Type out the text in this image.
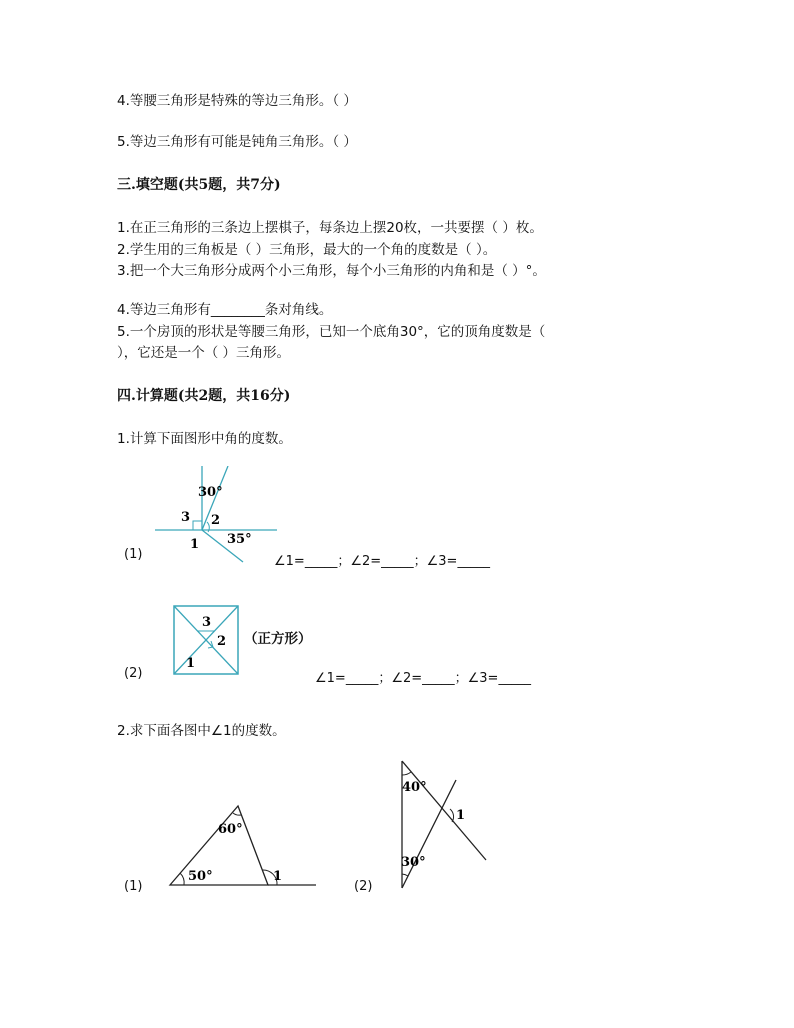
4.等腰三角形是特殊的等边三角形。（ ）
5.等边三角形有可能是钝角三角形。（ ）
三.填空题(共5题，共7分)
1.在正三角形的三条边上摆棋子，每条边上摆20枚，一共要摆（ ）枚。
2.学生用的三角板是（ ）三角形，最大的一个角的度数是（ ）。
3.把一个大三角形分成两个小三角形，每个小三角形的内角和是（ ）°。
4.等边三角形有________条对角线。
5.一个房顶的形状是等腰三角形，已知一个底角30°，它的顶角度数是（
），它还是一个（ ）三角形。
四.计算题(共2题，共16分)
1.计算下面图形中角的度数。
(1)
30°
3 2
1 35°
∠1=_____；∠2=_____；∠3=_____
(2)
3
2
1
（正方形）
∠1=_____；∠2=_____；∠3=_____
2.求下面各图中∠1的度数。
(1)
60°
50°	1
(2)
40°
30°
1
